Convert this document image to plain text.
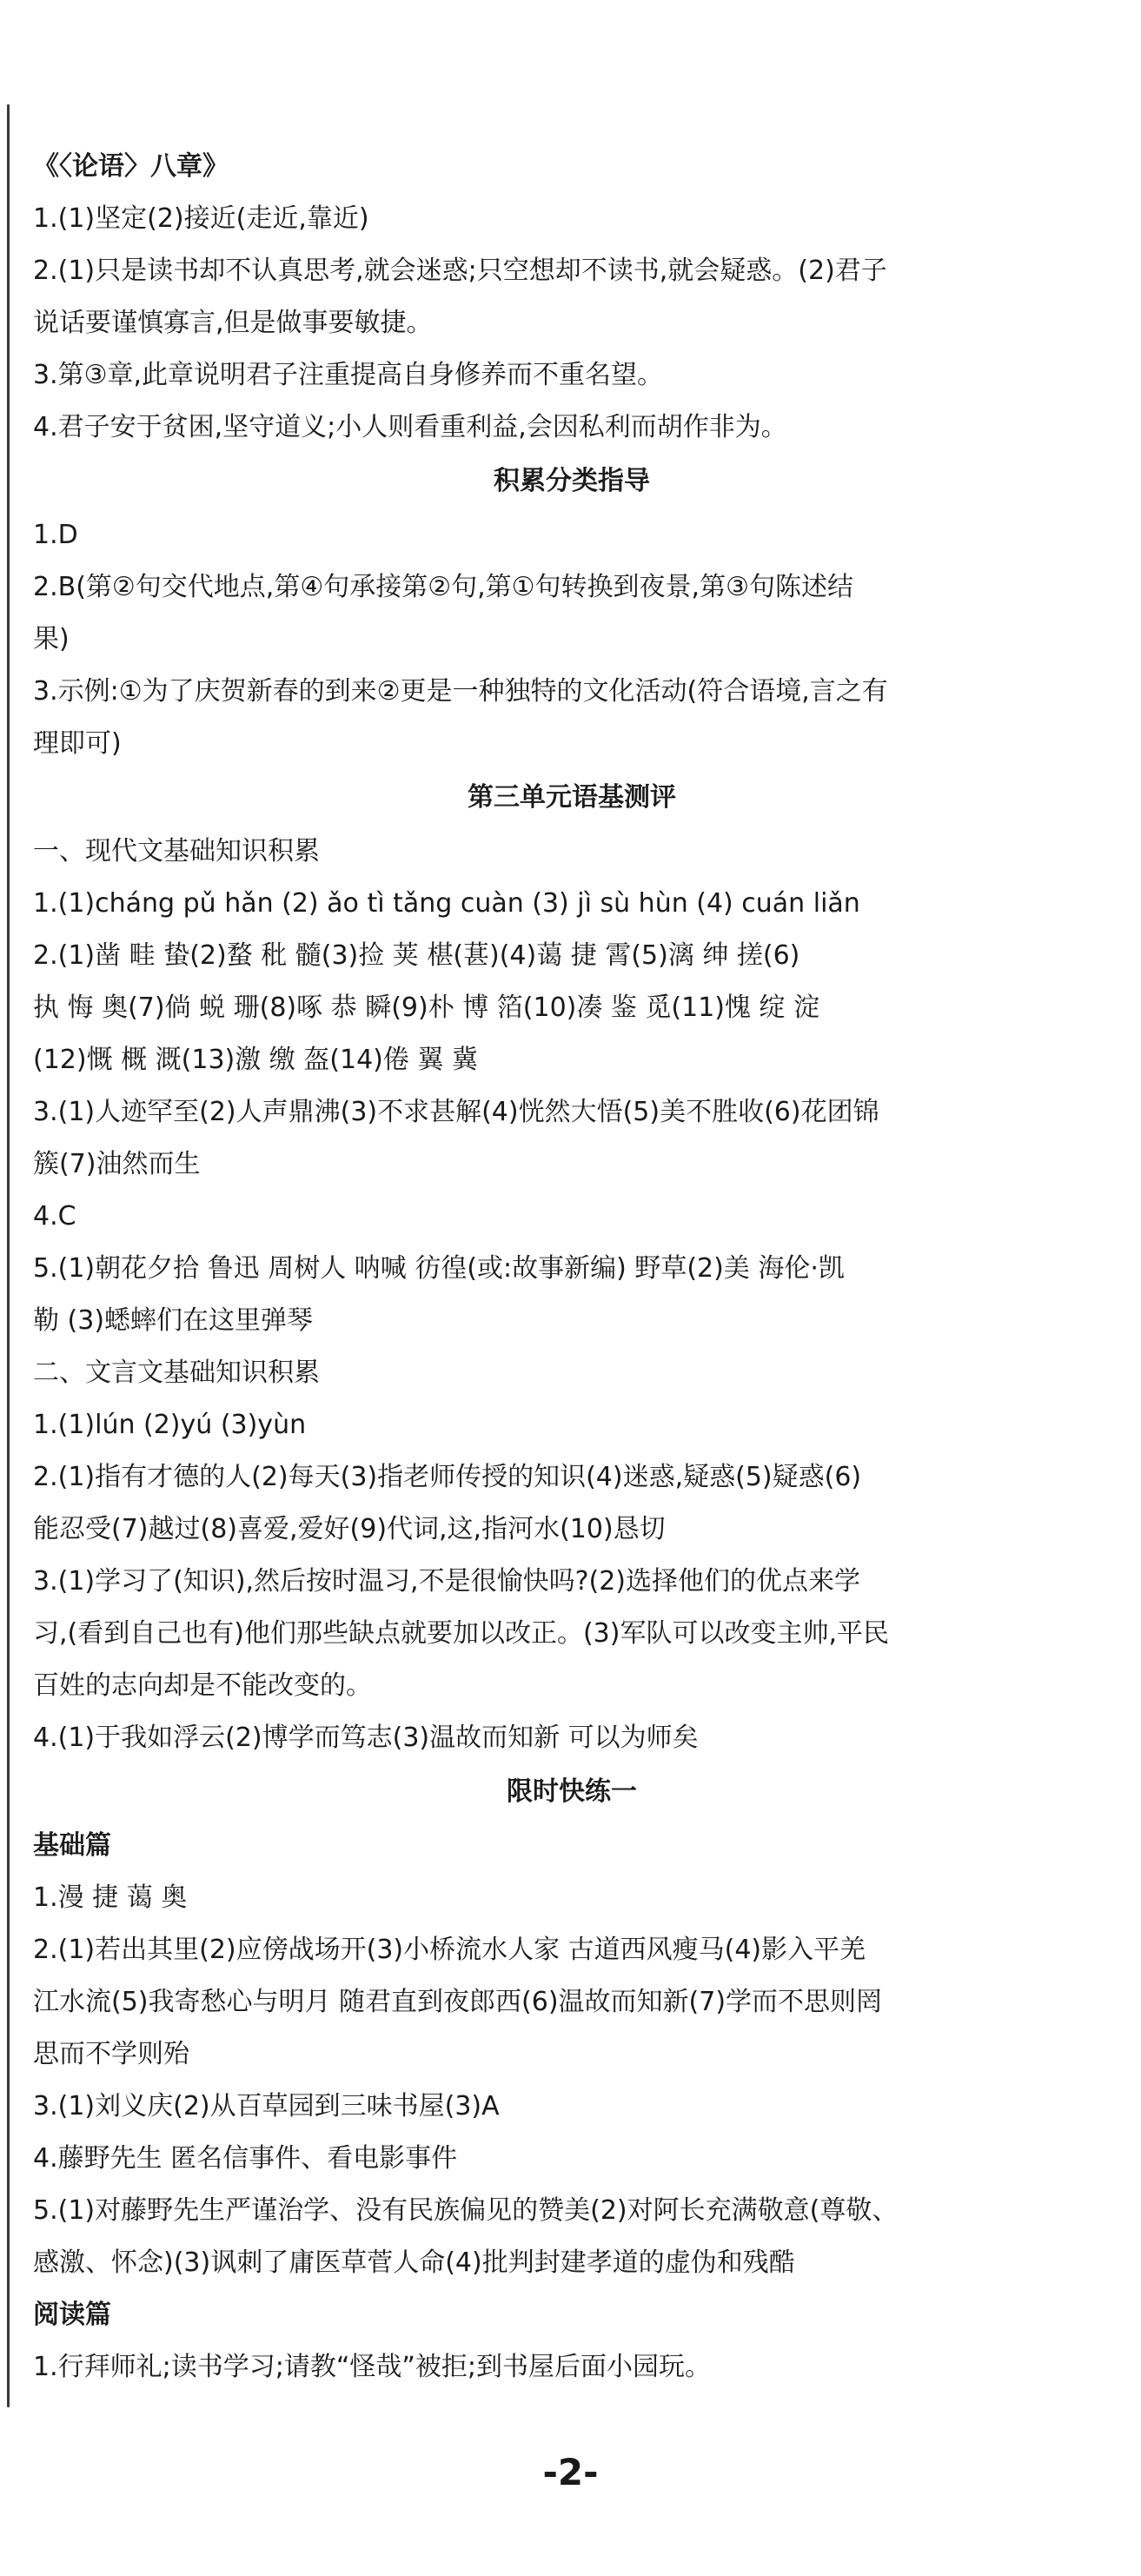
《〈论语〉八章》

1.(1)坚定(2)接近(走近,靠近)

2.(1)只是读书却不认真思考,就会迷惑;只空想却不读书,就会疑惑。(2)君子

说话要谨慎寡言,但是做事要敏捷。

3.第③章,此章说明君子注重提高自身修养而不重名望。

4.君子安于贫困,坚守道义;小人则看重利益,会因私利而胡作非为。

积累分类指导

1.D

2.B(第②句交代地点,第④句承接第②句,第①句转换到夜景,第③句陈述结

果)

3.示例:①为了庆贺新春的到来②更是一种独特的文化活动(符合语境,言之有

理即可)

第三单元语基测评

一、现代文基础知识积累

1.(1)cháng pǔ hǎn (2) ǎo tì tǎng cuàn (3) jì sù hùn (4) cuán liǎn

2.(1)凿 畦 蛰(2)蝥 秕 髓(3)捡 荚 椹(葚)(4)蔼 捷 霄(5)漓 绅 搓(6)

执 悔 奥(7)倘 蜕 珊(8)啄 恭 瞬(9)朴 博 箔(10)凑 鉴 觅(11)愧 绽 淀

(12)慨 概 溉(13)激 缴 盔(14)倦 翼 冀

3.(1)人迹罕至(2)人声鼎沸(3)不求甚解(4)恍然大悟(5)美不胜收(6)花团锦

簇(7)油然而生

4.C

5.(1)朝花夕拾 鲁迅 周树人 呐喊 彷徨(或:故事新编) 野草(2)美 海伦·凯

勒 (3)蟋蟀们在这里弹琴

二、文言文基础知识积累

1.(1)lún (2)yú (3)yùn

2.(1)指有才德的人(2)每天(3)指老师传授的知识(4)迷惑,疑惑(5)疑惑(6)

能忍受(7)越过(8)喜爱,爱好(9)代词,这,指河水(10)恳切

3.(1)学习了(知识),然后按时温习,不是很愉快吗?(2)选择他们的优点来学

习,(看到自己也有)他们那些缺点就要加以改正。(3)军队可以改变主帅,平民

百姓的志向却是不能改变的。

4.(1)于我如浮云(2)博学而笃志(3)温故而知新 可以为师矣

限时快练一
基础篇

1.漫 捷 蔼 奥

2.(1)若出其里(2)应傍战场开(3)小桥流水人家 古道西风瘦马(4)影入平羌

江水流(5)我寄愁心与明月 随君直到夜郎西(6)温故而知新(7)学而不思则罔

思而不学则殆

3.(1)刘义庆(2)从百草园到三味书屋(3)A

4.藤野先生 匿名信事件、看电影事件

5.(1)对藤野先生严谨治学、没有民族偏见的赞美(2)对阿长充满敬意(尊敬、

感激、怀念)(3)讽刺了庸医草菅人命(4)批判封建孝道的虚伪和残酷

阅读篇

1.行拜师礼;读书学习;请教“怪哉”被拒;到书屋后面小园玩。

-2-
